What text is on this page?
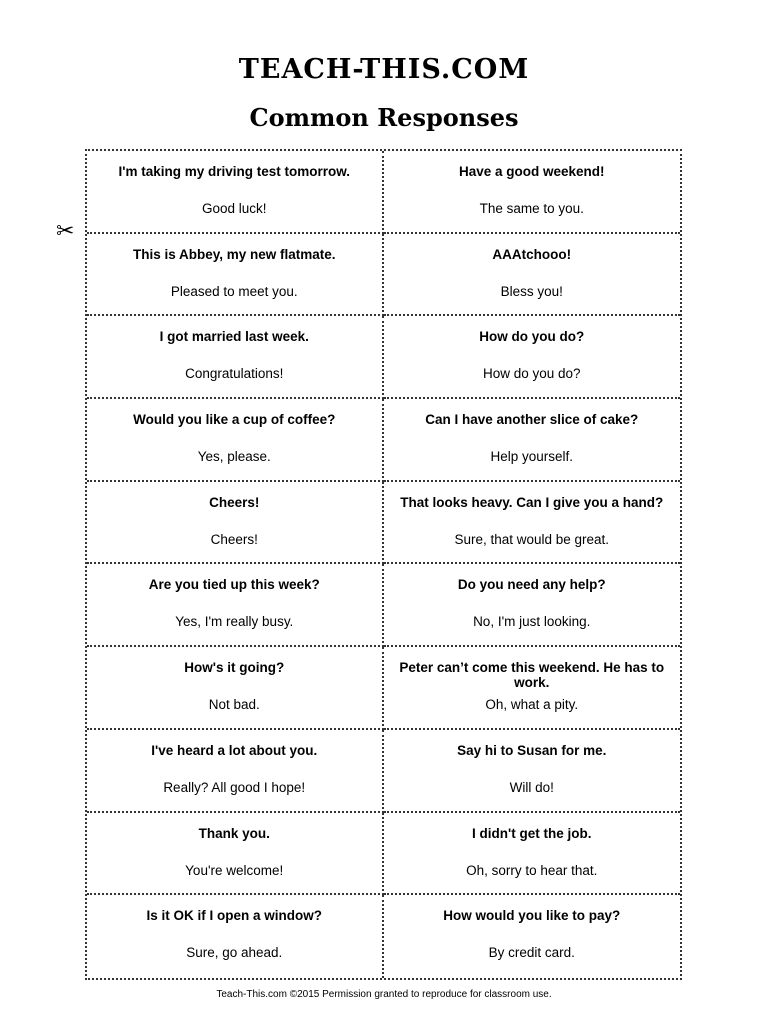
TEACH-THIS.COM
Common Responses
✂
I'm taking my driving test tomorrow.
Good luck!
Have a good weekend!
The same to you.
This is Abbey, my new flatmate.
Pleased to meet you.
AAAtchooo!
Bless you!
I got married last week.
Congratulations!
How do you do?
How do you do?
Would you like a cup of coffee?
Yes, please.
Can I have another slice of cake?
Help yourself.
Cheers!
Cheers!
That looks heavy. Can I give you a hand?
Sure, that would be great.
Are you tied up this week?
Yes, I'm really busy.
Do you need any help?
No, I'm just looking.
How's it going?
Not bad.
Peter can’t come this weekend. He has to work.
Oh, what a pity.
I've heard a lot about you.
Really? All good I hope!
Say hi to Susan for me.
Will do!
Thank you.
You're welcome!
I didn't get the job.
Oh, sorry to hear that.
Is it OK if I open a window?
Sure, go ahead.
How would you like to pay?
By credit card.
Teach-This.com ©2015 Permission granted to reproduce for classroom use.
